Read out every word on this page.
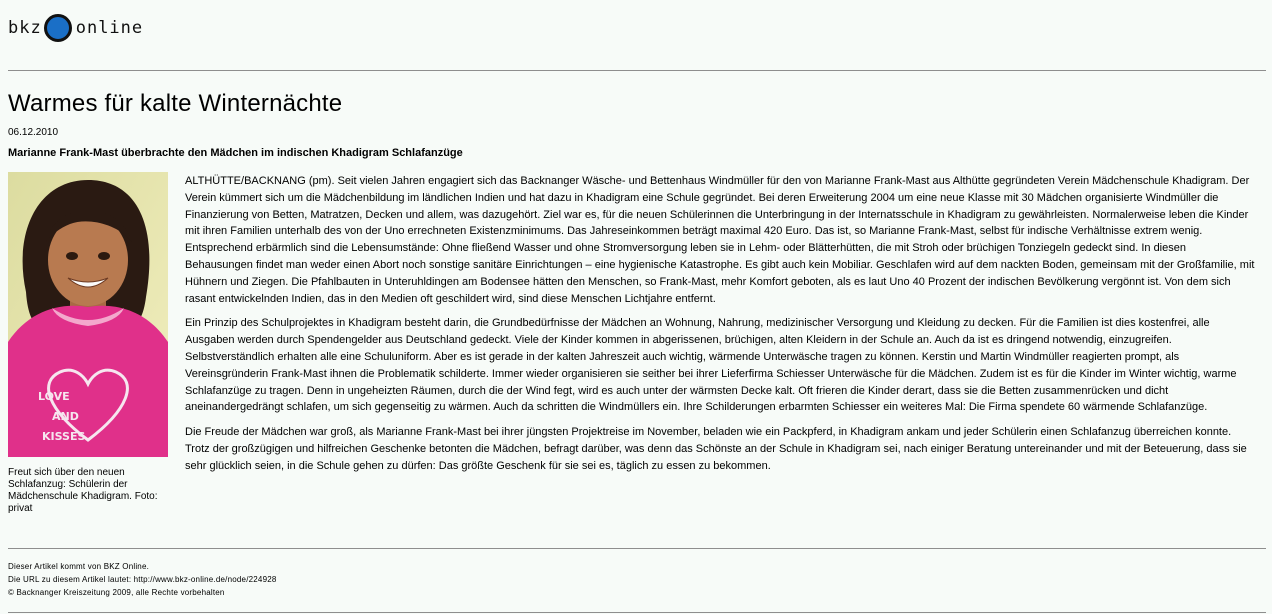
bkz online
Warmes für kalte Winternächte
06.12.2010
Marianne Frank-Mast überbrachte den Mädchen im indischen Khadigram Schlafanzüge
LOVE
AND
KISSES
Freut sich über den neuen Schlafanzug: Schülerin der Mädchenschule Khadigram. Foto: privat

ALTHÜTTE/BACKNANG (pm). Seit vielen Jahren engagiert sich das Backnanger Wäsche- und Bettenhaus Windmüller für den von Marianne Frank-Mast aus Althütte gegründeten Verein Mädchenschule Khadigram. Der Verein kümmert sich um die Mädchenbildung im ländlichen Indien und hat dazu in Khadigram eine Schule gegründet. Bei deren Erweiterung 2004 um eine neue Klasse mit 30 Mädchen organisierte Windmüller die Finanzierung von Betten, Matratzen, Decken und allem, was dazugehört. Ziel war es, für die neuen Schülerinnen die Unterbringung in der Internatsschule in Khadigram zu gewährleisten. Normalerweise leben die Kinder mit ihren Familien unterhalb des von der Uno errechneten Existenzminimums. Das Jahreseinkommen beträgt maximal 420 Euro. Das ist, so Marianne Frank-Mast, selbst für indische Verhältnisse extrem wenig. Entsprechend erbärmlich sind die Lebensumstände: Ohne fließend Wasser und ohne Stromversorgung leben sie in Lehm- oder Blätterhütten, die mit Stroh oder brüchigen Tonziegeln gedeckt sind. In diesen Behausungen findet man weder einen Abort noch sonstige sanitäre Einrichtungen – eine hygienische Katastrophe. Es gibt auch kein Mobiliar. Geschlafen wird auf dem nackten Boden, gemeinsam mit der Großfamilie, mit Hühnern und Ziegen. Die Pfahlbauten in Unteruhldingen am Bodensee hätten den Menschen, so Frank-Mast, mehr Komfort geboten, als es laut Uno 40 Prozent der indischen Bevölkerung vergönnt ist. Von dem sich rasant entwickelnden Indien, das in den Medien oft geschildert wird, sind diese Menschen Lichtjahre entfernt.

Ein Prinzip des Schulprojektes in Khadigram besteht darin, die Grundbedürfnisse der Mädchen an Wohnung, Nahrung, medizinischer Versorgung und Kleidung zu decken. Für die Familien ist dies kostenfrei, alle Ausgaben werden durch Spendengelder aus Deutschland gedeckt. Viele der Kinder kommen in abgerissenen, brüchigen, alten Kleidern in der Schule an. Auch da ist es dringend notwendig, einzugreifen. Selbstverständlich erhalten alle eine Schuluniform. Aber es ist gerade in der kalten Jahreszeit auch wichtig, wärmende Unterwäsche tragen zu können. Kerstin und Martin Windmüller reagierten prompt, als Vereinsgründerin Frank-Mast ihnen die Problematik schilderte. Immer wieder organisieren sie seither bei ihrer Lieferfirma Schiesser Unterwäsche für die Mädchen. Zudem ist es für die Kinder im Winter wichtig, warme Schlafanzüge zu tragen. Denn in ungeheizten Räumen, durch die der Wind fegt, wird es auch unter der wärmsten Decke kalt. Oft frieren die Kinder derart, dass sie die Betten zusammenrücken und dicht aneinandergedrängt schlafen, um sich gegenseitig zu wärmen. Auch da schritten die Windmüllers ein. Ihre Schilderungen erbarmten Schiesser ein weiteres Mal: Die Firma spendete 60 wärmende Schlafanzüge.

Die Freude der Mädchen war groß, als Marianne Frank-Mast bei ihrer jüngsten Projektreise im November, beladen wie ein Packpferd, in Khadigram ankam und jeder Schülerin einen Schlafanzug überreichen konnte. Trotz der großzügigen und hilfreichen Geschenke betonten die Mädchen, befragt darüber, was denn das Schönste an der Schule in Khadigram sei, nach einiger Beratung untereinander und mit der Beteuerung, dass sie sehr glücklich seien, in die Schule gehen zu dürfen: Das größte Geschenk für sie sei es, täglich zu essen zu bekommen.

Dieser Artikel kommt von BKZ Online.
Die URL zu diesem Artikel lautet: http://www.bkz-online.de/node/224928
© Backnanger Kreiszeitung 2009, alle Rechte vorbehalten
